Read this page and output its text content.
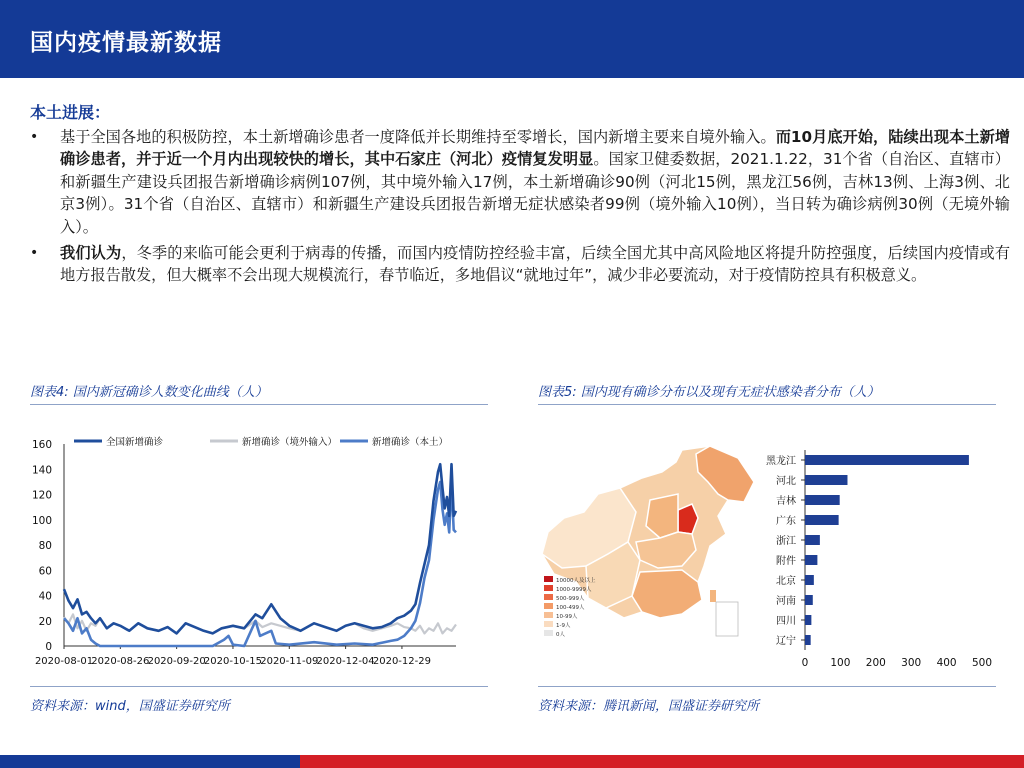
国内疫情最新数据
本土进展：
• 基于全国各地的积极防控，本土新增确诊患者一度降低并长期维持至零增长，国内新增主要来自境外输入。而10月底开始，陆续出现本土新增确诊患者，并于近一个月内出现较快的增长，其中石家庄（河北）疫情复发明显。国家卫健委数据，2021.1.22，31个省（自治区、直辖市）和新疆生产建设兵团报告新增确诊病例107例，其中境外输入17例，本土新增确诊90例（河北15例，黑龙江56例，吉林13例、上海3例、北京3例）。31个省（自治区、直辖市）和新疆生产建设兵团报告新增无症状感染者99例（境外输入10例），当日转为确诊病例30例（无境外输入）。
• 我们认为，冬季的来临可能会更利于病毒的传播，而国内疫情防控经验丰富，后续全国尤其中高风险地区将提升防控强度，后续国内疫情或有地方报告散发，但大概率不会出现大规模流行，春节临近，多地倡议“就地过年”，减少非必要流动，对于疫情防控具有积极意义。
图表4: 国内新冠确诊人数变化曲线（人）	图表5: 国内现有确诊分布以及现有无症状感染者分布（人）
0
20
40
60
80
100
120
140
160
2020-08-01
2020-08-26
2020-09-20
2020-10-15
2020-11-09
2020-12-04
2020-12-29
全国新增确诊	新增确诊（境外输入）	新增确诊（本土）
10000人及以上
1000-9999人
500-999人
100-499人
10-99人
1-9人
0人
0 100 200 300 400 500
黑龙江
河北
吉林
广东
浙江
附件
北京
河南
四川
辽宁
资料来源：wind，国盛证券研究所	资料来源：腾讯新闻，国盛证券研究所
